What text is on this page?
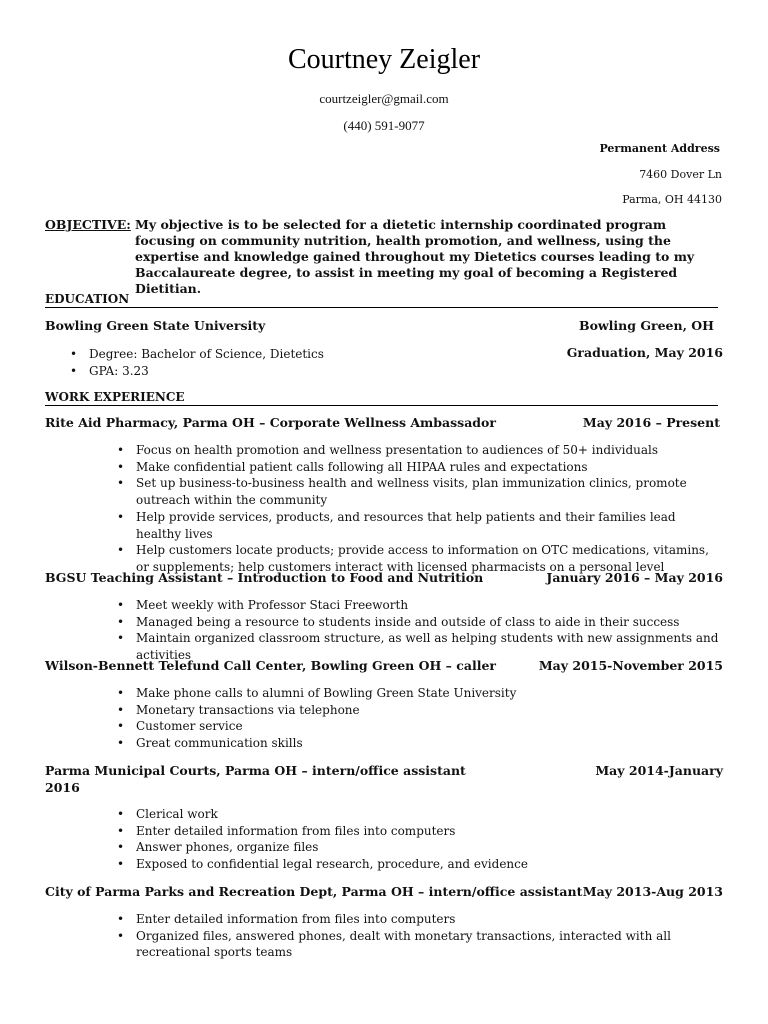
Courtney Zeigler
courtzeigler@gmail.com
(440) 591-9077
Permanent Address
7460 Dover Ln
Parma, OH 44130
OBJECTIVE: My objective is to be selected for a dietetic internship coordinated program focusing on community nutrition, health promotion, and wellness, using the expertise and knowledge gained throughout my Dietetics courses leading to my Baccalaureate degree, to assist in meeting my goal of becoming a Registered Dietitian.
EDUCATION
Bowling Green State University	Bowling Green, OH
Graduation, May 2016
• Degree: Bachelor of Science, Dietetics
• GPA: 3.23
WORK EXPERIENCE
Rite Aid Pharmacy, Parma OH – Corporate Wellness Ambassador	May 2016 – Present
• Focus on health promotion and wellness presentation to audiences of 50+ individuals
• Make confidential patient calls following all HIPAA rules and expectations
• Set up business-to-business health and wellness visits, plan immunization clinics, promote outreach within the community
• Help provide services, products, and resources that help patients and their families lead healthy lives
• Help customers locate products; provide access to information on OTC medications, vitamins, or supplements; help customers interact with licensed pharmacists on a personal level
BGSU Teaching Assistant – Introduction to Food and Nutrition	January 2016 – May 2016
• Meet weekly with Professor Staci Freeworth
• Managed being a resource to students inside and outside of class to aide in their success
• Maintain organized classroom structure, as well as helping students with new assignments and activities
Wilson-Bennett Telefund Call Center, Bowling Green OH – caller	May 2015-November 2015
• Make phone calls to alumni of Bowling Green State University
• Monetary transactions via telephone
• Customer service
• Great communication skills
Parma Municipal Courts, Parma OH – intern/office assistant	May 2014-January
2016
• Clerical work
• Enter detailed information from files into computers
• Answer phones, organize files
• Exposed to confidential legal research, procedure, and evidence
City of Parma Parks and Recreation Dept, Parma OH – intern/office assistant May 2013-Aug 2013
• Enter detailed information from files into computers
• Organized files, answered phones, dealt with monetary transactions, interacted with all recreational sports teams
